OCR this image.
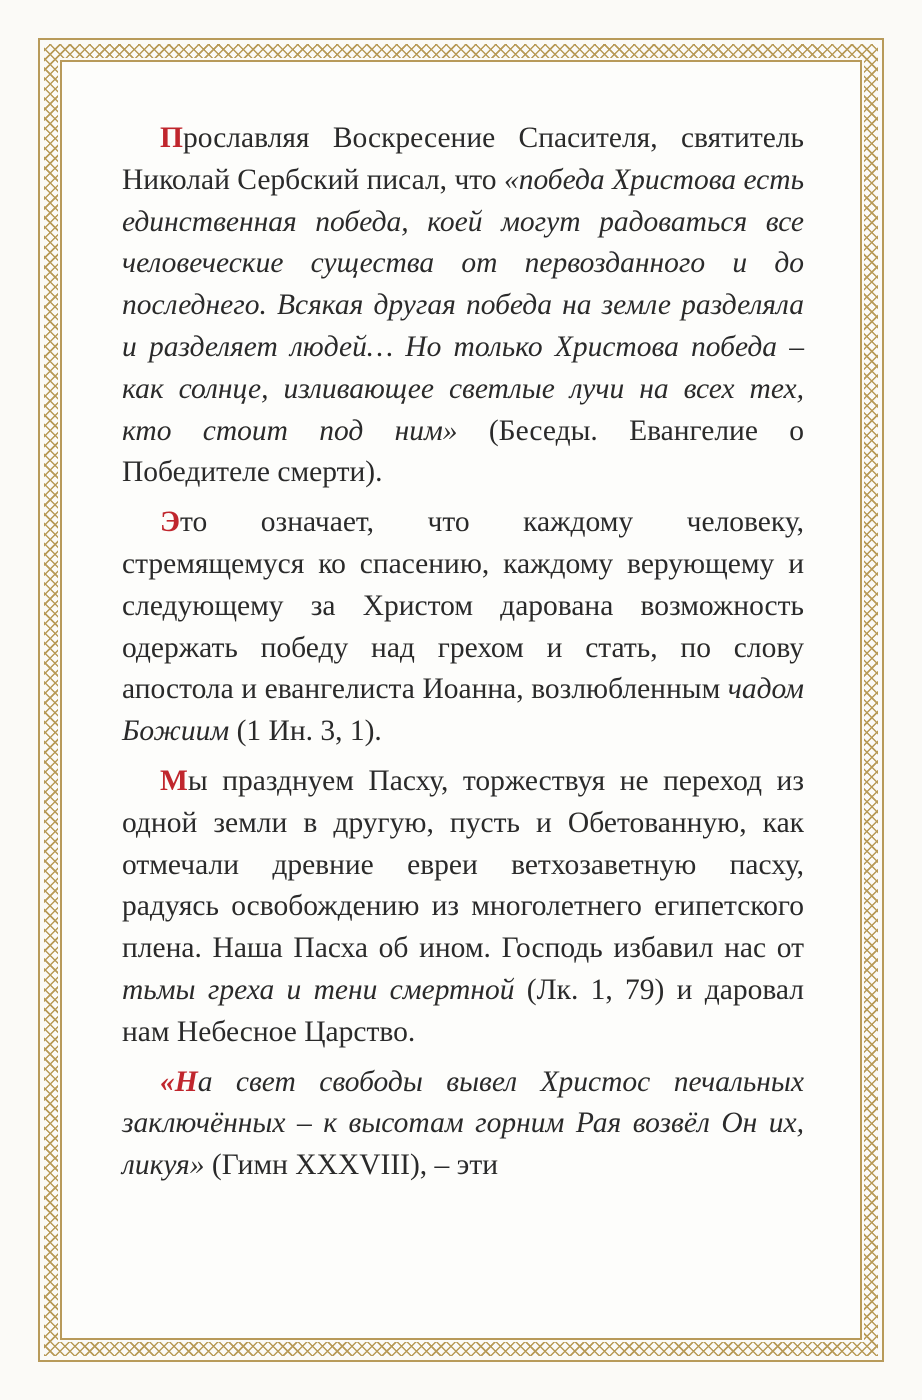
Прославляя Воскресение Спасителя, святитель Николай Сербский писал, что «победа Христова есть единственная победа, коей могут радоваться все человеческие существа от первозданного и до последнего. Всякая другая победа на земле разделяла и разделяет людей… Но только Христова победа – как солнце, изливающее светлые лучи на всех тех, кто стоит под ним» (Беседы. Евангелие о Победителе смерти).

Это означает, что каждому человеку, стремящемуся ко спасению, каждому верующему и следующему за Христом дарована возможность одержать победу над грехом и стать, по слову апостола и евангелиста Иоанна, возлюбленным чадом Божиим (1 Ин. 3, 1).

Мы празднуем Пасху, торжествуя не переход из одной земли в другую, пусть и Обетованную, как отмечали древние евреи ветхозаветную пасху, радуясь освобождению из многолетнего египетского плена. Наша Пасха об ином. Господь избавил нас от тьмы греха и тени смертной (Лк. 1, 79) и даровал нам Небесное Царство.

«На свет свободы вывел Христос печальных заключённых – к высотам горним Рая возвёл Он их, ликуя» (Гимн XXXVIII), – эти
